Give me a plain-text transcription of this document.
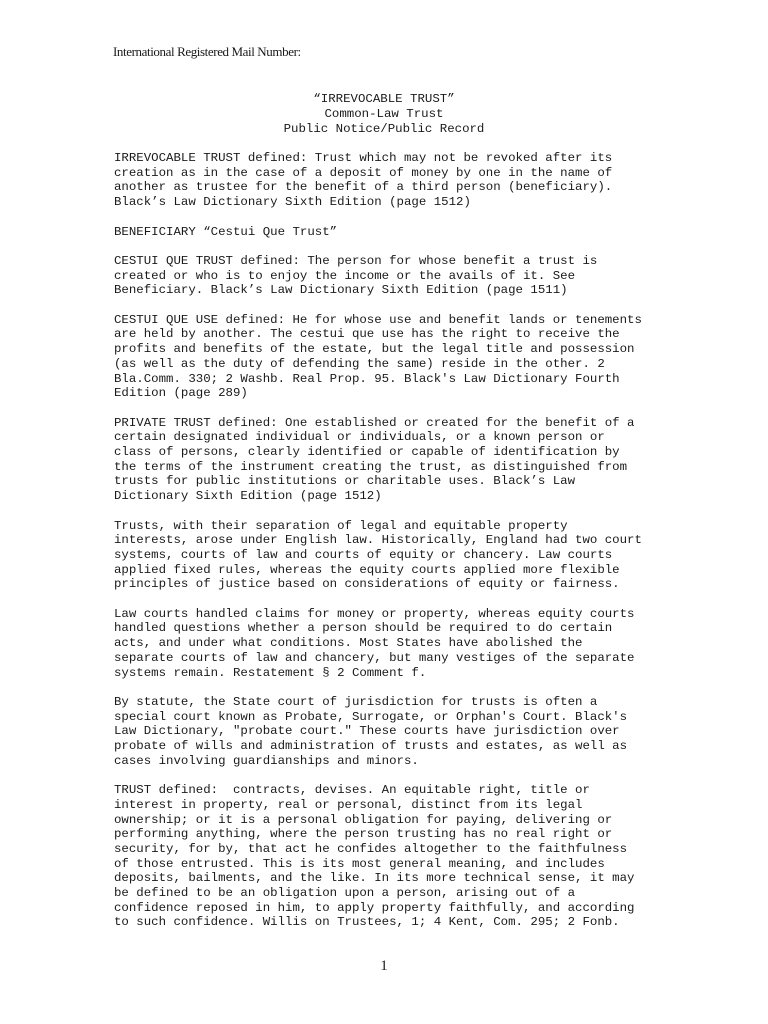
International Registered Mail Number:
“IRREVOCABLE TRUST”
Common-Law Trust
Public Notice/Public Record
IRREVOCABLE TRUST defined: Trust which may not be revoked after its
creation as in the case of a deposit of money by one in the name of
another as trustee for the benefit of a third person (beneficiary).
Black’s Law Dictionary Sixth Edition (page 1512)
BENEFICIARY “Cestui Que Trust”
CESTUI QUE TRUST defined: The person for whose benefit a trust is
created or who is to enjoy the income or the avails of it. See
Beneficiary. Black’s Law Dictionary Sixth Edition (page 1511)
CESTUI QUE USE defined: He for whose use and benefit lands or tenements
are held by another. The cestui que use has the right to receive the
profits and benefits of the estate, but the legal title and possession
(as well as the duty of defending the same) reside in the other. 2
Bla.Comm. 330; 2 Washb. Real Prop. 95. Black's Law Dictionary Fourth
Edition (page 289)
PRIVATE TRUST defined: One established or created for the benefit of a
certain designated individual or individuals, or a known person or
class of persons, clearly identified or capable of identification by
the terms of the instrument creating the trust, as distinguished from
trusts for public institutions or charitable uses. Black’s Law
Dictionary Sixth Edition (page 1512)
Trusts, with their separation of legal and equitable property
interests, arose under English law. Historically, England had two court
systems, courts of law and courts of equity or chancery. Law courts
applied fixed rules, whereas the equity courts applied more flexible
principles of justice based on considerations of equity or fairness.
Law courts handled claims for money or property, whereas equity courts
handled questions whether a person should be required to do certain
acts, and under what conditions. Most States have abolished the
separate courts of law and chancery, but many vestiges of the separate
systems remain. Restatement § 2 Comment f.
By statute, the State court of jurisdiction for trusts is often a
special court known as Probate, Surrogate, or Orphan's Court. Black's
Law Dictionary, "probate court." These courts have jurisdiction over
probate of wills and administration of trusts and estates, as well as
cases involving guardianships and minors.
TRUST defined:  contracts, devises. An equitable right, title or
interest in property, real or personal, distinct from its legal
ownership; or it is a personal obligation for paying, delivering or
performing anything, where the person trusting has no real right or
security, for by, that act he confides altogether to the faithfulness
of those entrusted. This is its most general meaning, and includes
deposits, bailments, and the like. In its more technical sense, it may
be defined to be an obligation upon a person, arising out of a
confidence reposed in him, to apply property faithfully, and according
to such confidence. Willis on Trustees, 1; 4 Kent, Com. 295; 2 Fonb.
1
